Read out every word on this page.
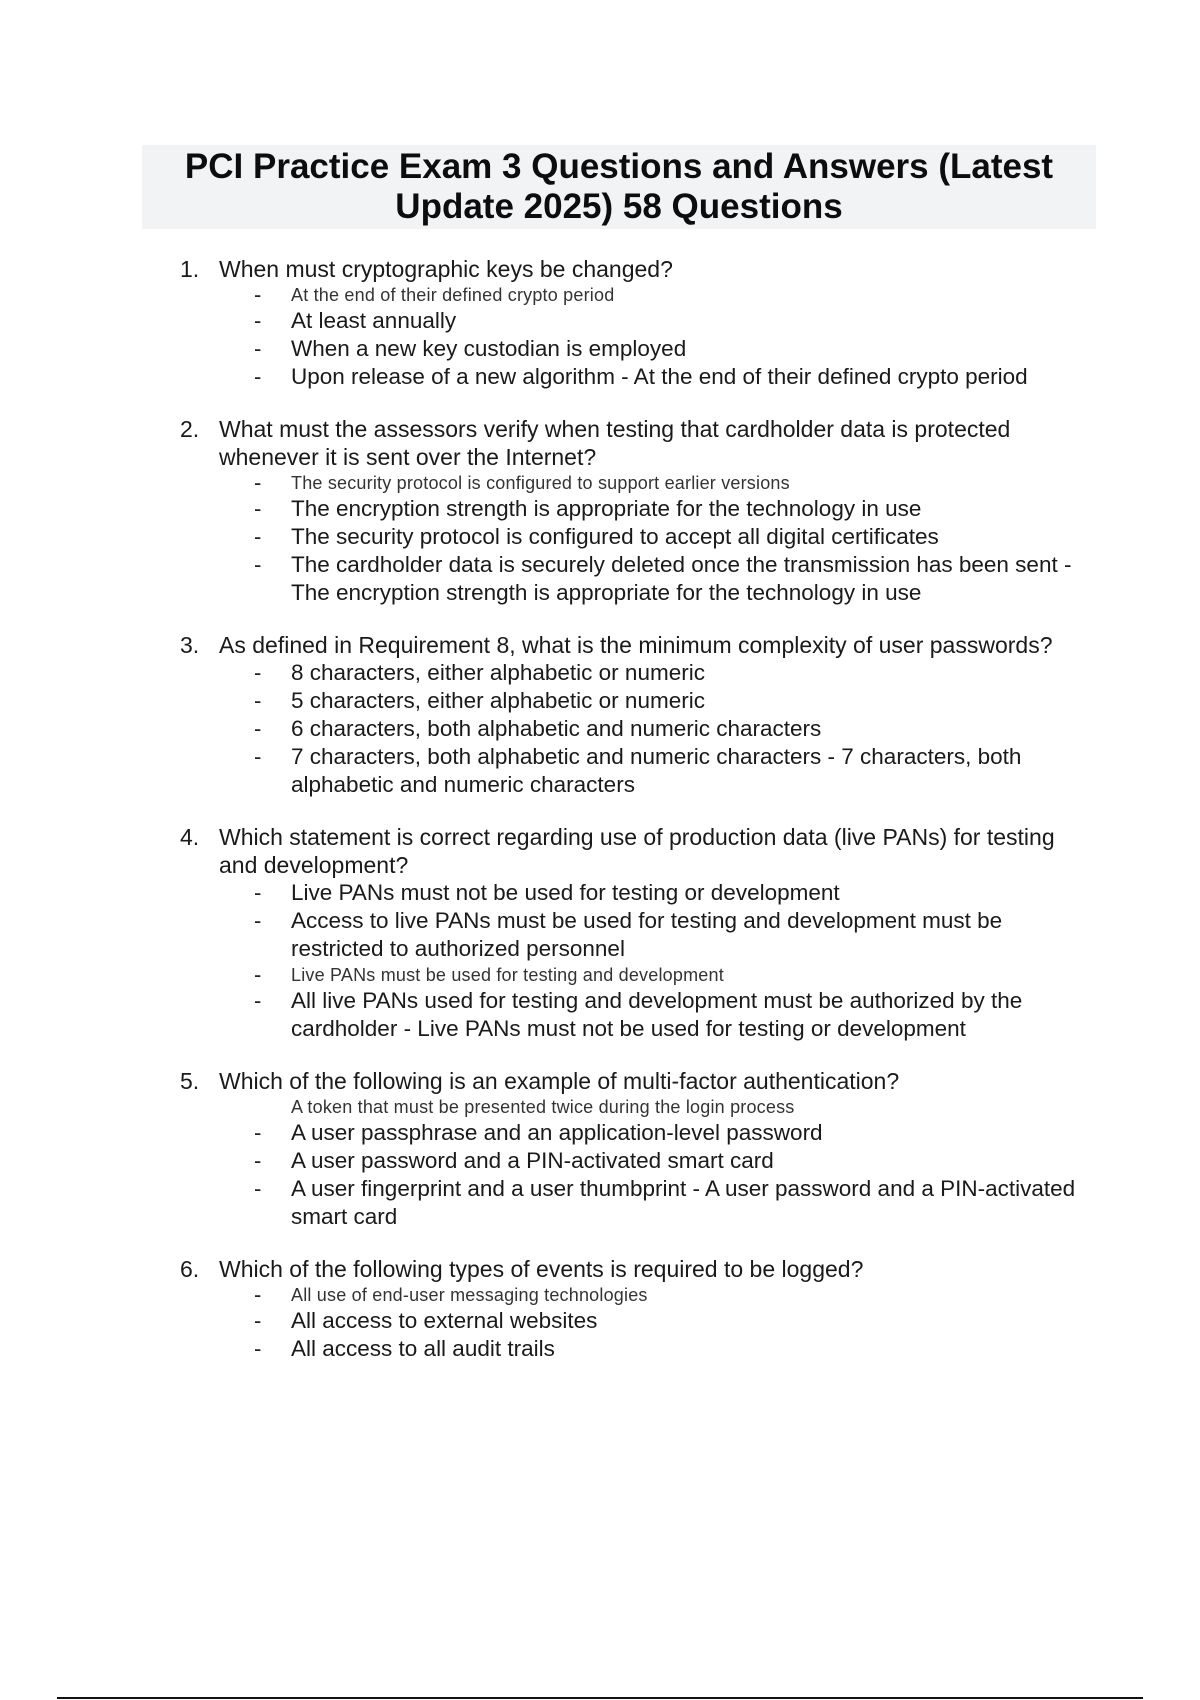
PCI Practice Exam 3 Questions and Answers (Latest
Update 2025) 58 Questions
1. When must cryptographic keys be changed?
- At the end of their defined crypto period
- At least annually
- When a new key custodian is employed
- Upon release of a new algorithm - At the end of their defined crypto period
2. What must the assessors verify when testing that cardholder data is protected whenever it is sent over the Internet?
- The security protocol is configured to support earlier versions
- The encryption strength is appropriate for the technology in use
- The security protocol is configured to accept all digital certificates
- The cardholder data is securely deleted once the transmission has been sent - The encryption strength is appropriate for the technology in use
3. As defined in Requirement 8, what is the minimum complexity of user passwords?
- 8 characters, either alphabetic or numeric
- 5 characters, either alphabetic or numeric
- 6 characters, both alphabetic and numeric characters
- 7 characters, both alphabetic and numeric characters - 7 characters, both alphabetic and numeric characters
4. Which statement is correct regarding use of production data (live PANs) for testing and development?
- Live PANs must not be used for testing or development
- Access to live PANs must be used for testing and development must be restricted to authorized personnel
- Live PANs must be used for testing and development
- All live PANs used for testing and development must be authorized by the cardholder - Live PANs must not be used for testing or development
5. Which of the following is an example of multi-factor authentication?
A token that must be presented twice during the login process
- A user passphrase and an application-level password
- A user password and a PIN-activated smart card
- A user fingerprint and a user thumbprint - A user password and a PIN-activated smart card
6. Which of the following types of events is required to be logged?
- All use of end-user messaging technologies
- All access to external websites
- All access to all audit trails
